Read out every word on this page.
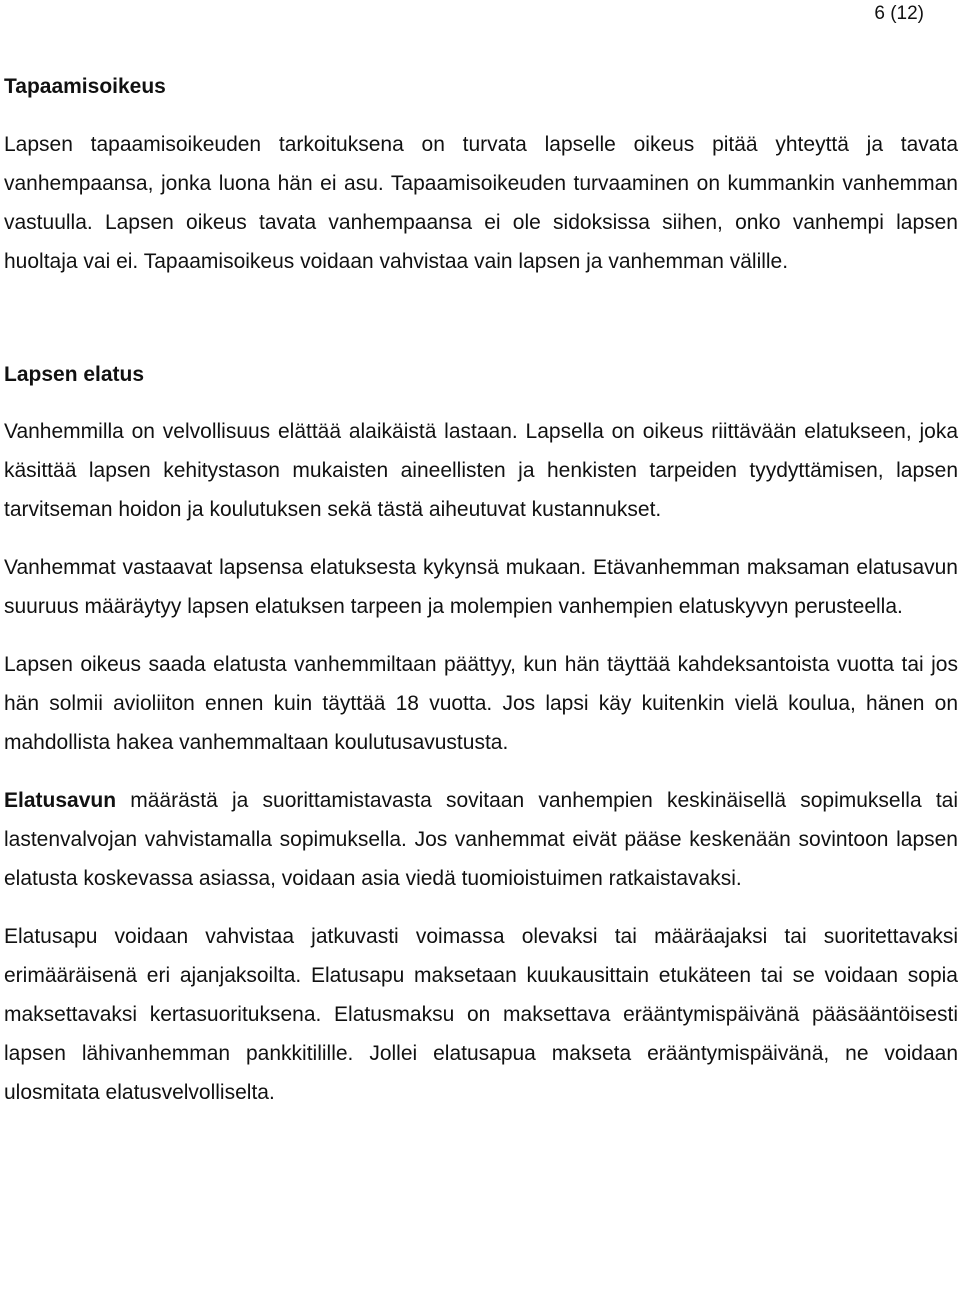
6 (12)
Tapaamisoikeus

Lapsen tapaamisoikeuden tarkoituksena on turvata lapselle oikeus pitää yhteyttä ja tavata vanhempaansa, jonka luona hän ei asu. Tapaamisoikeuden turvaaminen on kummankin vanhemman vastuulla. Lapsen oikeus tavata vanhempaansa ei ole sidoksissa siihen, onko vanhempi lapsen huoltaja vai ei. Tapaamisoikeus voidaan vahvistaa vain lapsen ja vanhemman välille.

Lapsen elatus

Vanhemmilla on velvollisuus elättää alaikäistä lastaan. Lapsella on oikeus riittävään elatukseen, joka käsittää lapsen kehitystason mukaisten aineellisten ja henkisten tarpeiden tyydyttämisen, lapsen tarvitseman hoidon ja koulutuksen sekä tästä aiheutuvat kustannukset.

Vanhemmat vastaavat lapsensa elatuksesta kykynsä mukaan. Etävanhemman maksaman elatusavun suuruus määräytyy lapsen elatuksen tarpeen ja molempien vanhempien elatuskyvyn perusteella.

Lapsen oikeus saada elatusta vanhemmiltaan päättyy, kun hän täyttää kahdeksantoista vuotta tai jos hän solmii avioliiton ennen kuin täyttää 18 vuotta. Jos lapsi käy kuitenkin vielä koulua, hänen on mahdollista hakea vanhemmaltaan koulutusavustusta.

Elatusavun määrästä ja suorittamistavasta sovitaan vanhempien keskinäisellä sopimuksella tai lastenvalvojan vahvistamalla sopimuksella. Jos vanhemmat eivät pääse keskenään sovintoon lapsen elatusta koskevassa asiassa, voidaan asia viedä tuomioistuimen ratkaistavaksi.

Elatusapu voidaan vahvistaa jatkuvasti voimassa olevaksi tai määräajaksi tai suoritettavaksi erimääräisenä eri ajanjaksoilta. Elatusapu maksetaan kuukausittain etukäteen tai se voidaan sopia maksettavaksi kertasuorituksena. Elatusmaksu on maksettava erääntymispäivänä pääsääntöisesti lapsen lähivanhemman pankkitilille. Jollei elatusapua makseta erääntymispäivänä, ne voidaan ulosmitata elatusvelvolliselta.
